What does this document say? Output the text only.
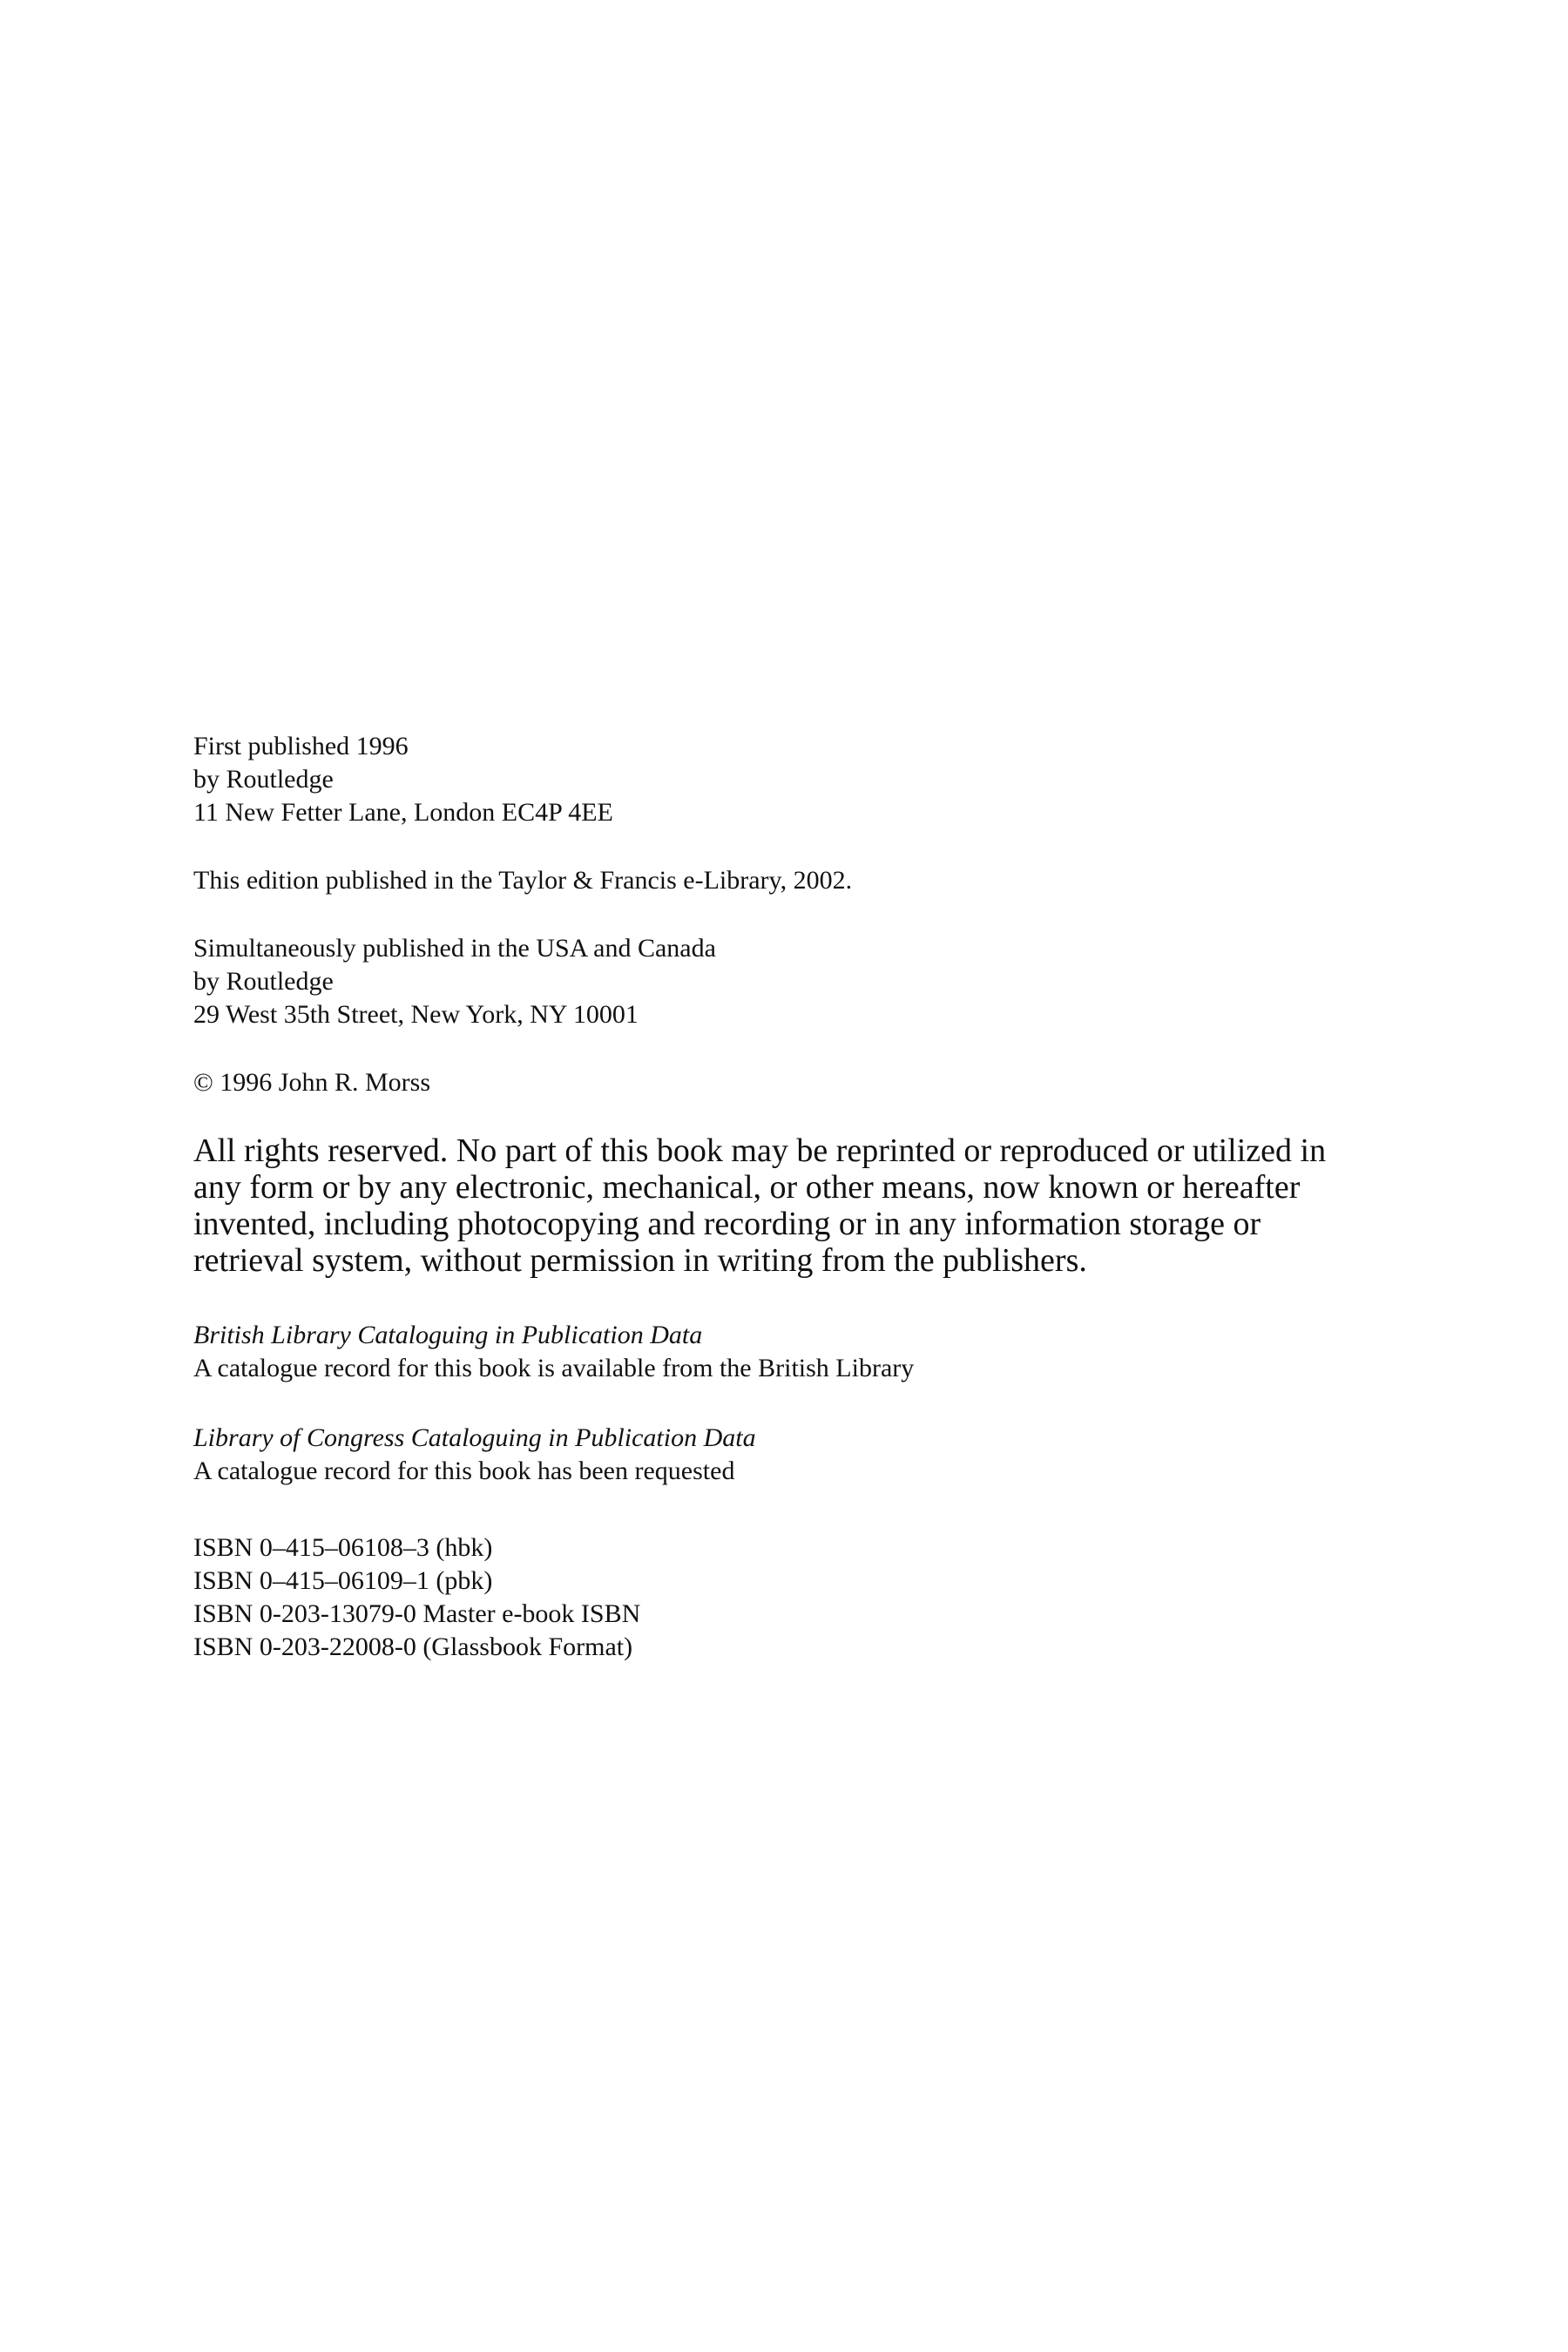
First published 1996
by Routledge
11 New Fetter Lane, London EC4P 4EE
This edition published in the Taylor & Francis e-Library, 2002.
Simultaneously published in the USA and Canada
by Routledge
29 West 35th Street, New York, NY 10001
© 1996 John R. Morss

All rights reserved. No part of this book may be reprinted or reproduced or utilized in any form or by any electronic, mechanical, or other means, now known or hereafter invented, including photocopying and recording or in any information storage or retrieval system, without permission in writing from the publishers.

British Library Cataloguing in Publication Data
A catalogue record for this book is available from the British Library
Library of Congress Cataloguing in Publication Data
A catalogue record for this book has been requested
ISBN 0–415–06108–3 (hbk)
ISBN 0–415–06109–1 (pbk)
ISBN 0-203-13079-0 Master e-book ISBN
ISBN 0-203-22008-0 (Glassbook Format)
